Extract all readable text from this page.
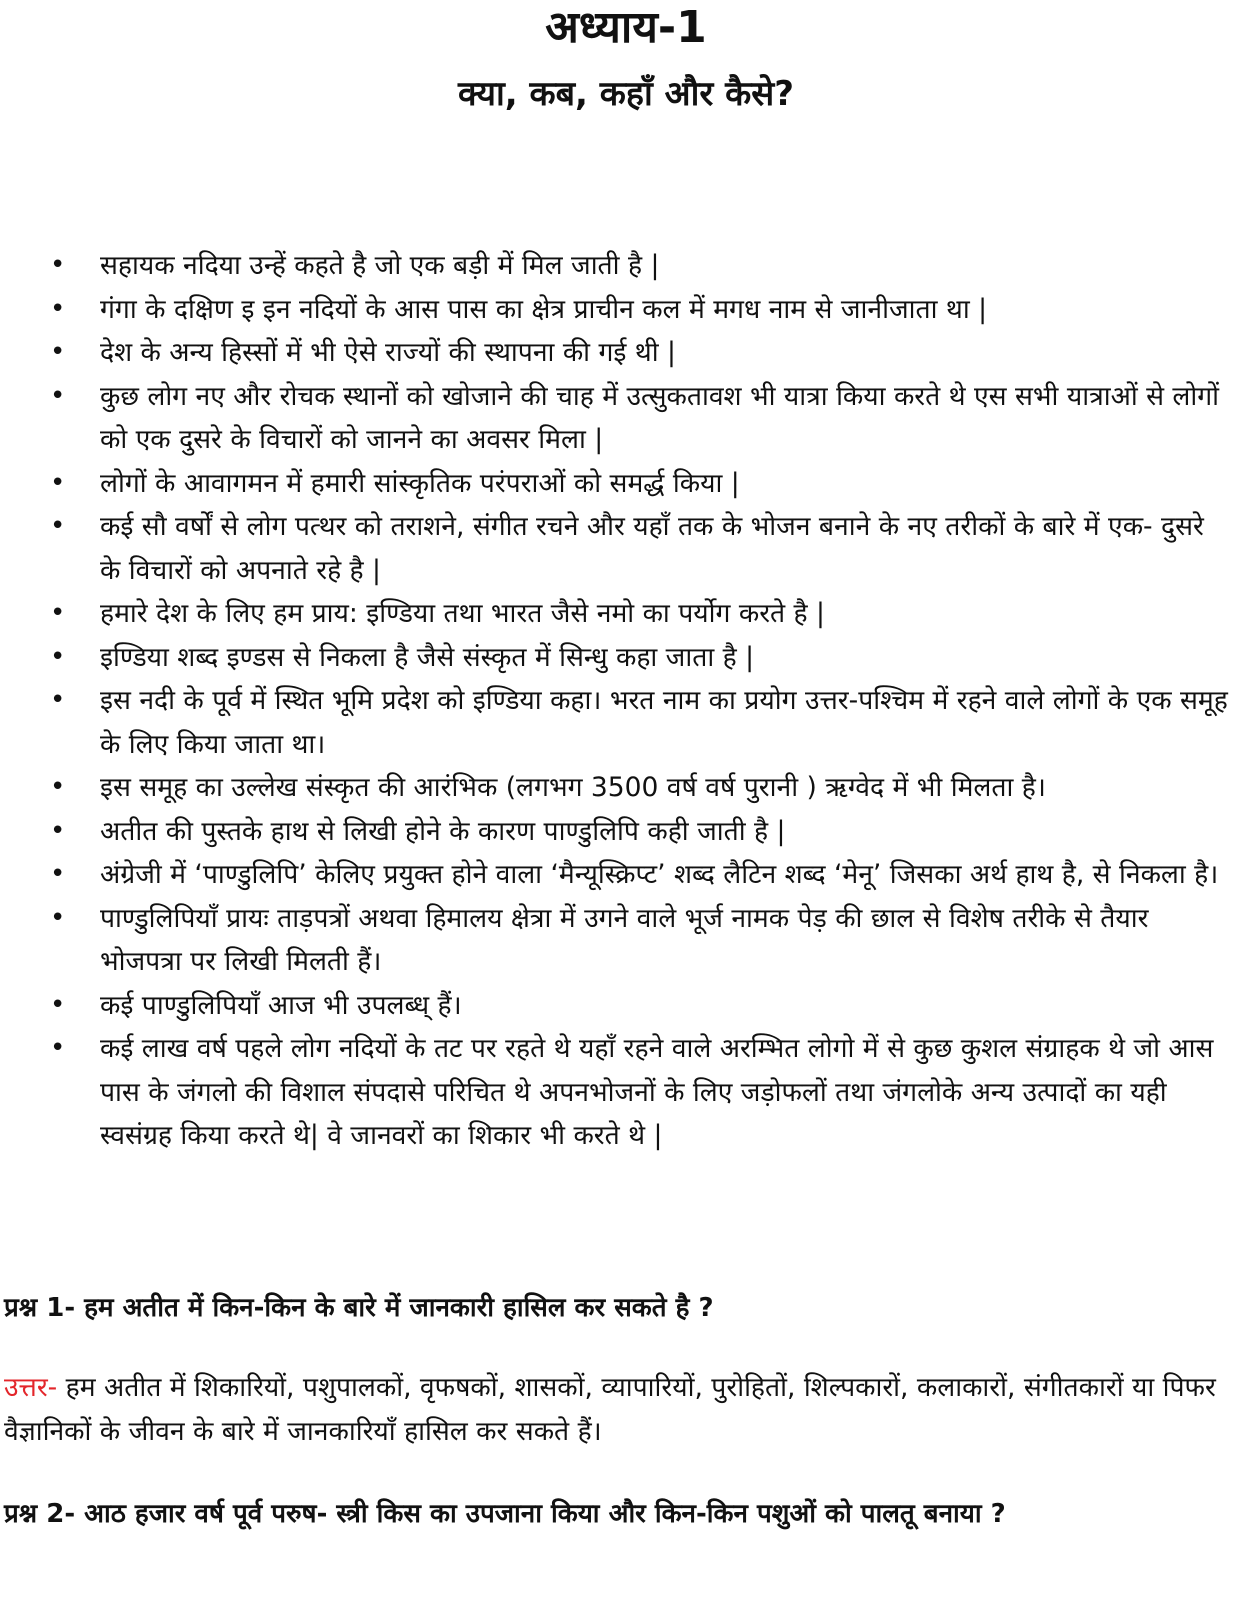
अध्याय-1
क्या, कब, कहाँ और कैसे?
• सहायक नदिया उन्हें कहते है जो एक बड़ी में मिल जाती है |
• गंगा के दक्षिण इ इन नदियों के आस पास का क्षेत्र प्राचीन कल में मगध नाम से जानीजाता था |
• देश के अन्य हिस्सों में भी ऐसे राज्यों की स्थापना की गई थी |
• कुछ लोग नए और रोचक स्थानों को खोजाने की चाह में उत्सुकतावश भी यात्रा किया करते थे एस सभी यात्राओं से लोगों को एक दुसरे के विचारों को जानने का अवसर मिला |
• लोगों के आवागमन में हमारी सांस्कृतिक परंपराओं को समर्द्ध किया |
• कई सौ वर्षों से लोग पत्थर को तराशने, संगीत रचने और यहाँ तक के भोजन बनाने के नए तरीकों के बारे में एक- दुसरे के विचारों को अपनाते रहे है |
• हमारे देश के लिए हम प्राय: इण्डिया तथा भारत जैसे नमो का पर्योग करते है |
• इण्डिया शब्द इण्डस से निकला है जैसे संस्कृत में सिन्धु कहा जाता है |
• इस नदी के पूर्व में स्थित भूमि प्रदेश को इण्डिया कहा। भरत नाम का प्रयोग उत्तर-पश्चिम में रहने वाले लोगों के एक समूह के लिए किया जाता था।
• इस समूह का उल्लेख संस्कृत की आरंभिक (लगभग 3500 वर्ष वर्ष पुरानी ) ऋग्वेद में भी मिलता है।
• अतीत की पुस्तके हाथ से लिखी होने के कारण पाण्डुलिपि कही जाती है |
• अंग्रेजी में ‘पाण्डुलिपि’ केलिए प्रयुक्त होने वाला ‘मैन्यूस्क्रिप्ट’ शब्द लैटिन शब्द ‘मेनू’ जिसका अर्थ हाथ है, से निकला है।
• पाण्डुलिपियाँ प्रायः ताड़पत्रों अथवा हिमालय क्षेत्रा में उगने वाले भूर्ज नामक पेड़ की छाल से विशेष तरीके से तैयार भोजपत्रा पर लिखी मिलती हैं।
• कई पाण्डुलिपियाँ आज भी उपलब्ध् हैं।
• कई लाख वर्ष पहले लोग नदियों के तट पर रहते थे यहाँ रहने वाले अरम्भित लोगो में से कुछ कुशल संग्राहक थे जो आस पास के जंगलो की विशाल संपदासे परिचित थे अपनभोजनों के लिए जड़ोफलों तथा जंगलोके अन्य उत्पादों का यही स्वसंग्रह किया करते थे| वे जानवरों का शिकार भी करते थे |

प्रश्न 1- हम अतीत में किन-किन के बारे में जानकारी हासिल कर सकते है ?

उत्तर- हम अतीत में शिकारियों, पशुपालकों, वृफषकों, शासकों, व्यापारियों, पुरोहितों, शिल्पकारों, कलाकारों, संगीतकारों या पिफर वैज्ञानिकों के जीवन के बारे में जानकारियाँ हासिल कर सकते हैं।

प्रश्न 2- आठ हजार वर्ष पूर्व परुष- स्त्री किस का उपजाना किया और किन-किन पशुओं को पालतू बनाया ?
